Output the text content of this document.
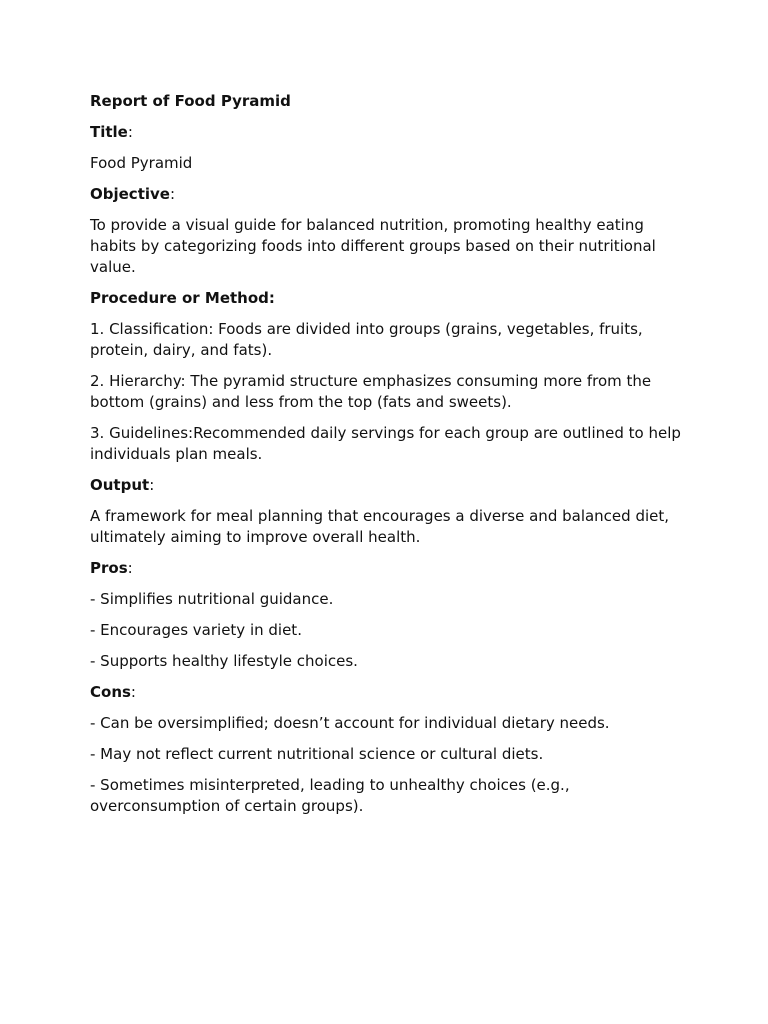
Report of Food Pyramid

Title:

Food Pyramid

Objective:

To provide a visual guide for balanced nutrition, promoting healthy eating habits by categorizing foods into different groups based on their nutritional value.

Procedure or Method:

1. Classification: Foods are divided into groups (grains, vegetables, fruits, protein, dairy, and fats).

2. Hierarchy: The pyramid structure emphasizes consuming more from the bottom (grains) and less from the top (fats and sweets).

3. Guidelines:Recommended daily servings for each group are outlined to help individuals plan meals.

Output:

A framework for meal planning that encourages a diverse and balanced diet, ultimately aiming to improve overall health.

Pros:

- Simplifies nutritional guidance.

- Encourages variety in diet.

- Supports healthy lifestyle choices.

Cons:

- Can be oversimplified; doesn’t account for individual dietary needs.

- May not reflect current nutritional science or cultural diets.

- Sometimes misinterpreted, leading to unhealthy choices (e.g., overconsumption of certain groups).
